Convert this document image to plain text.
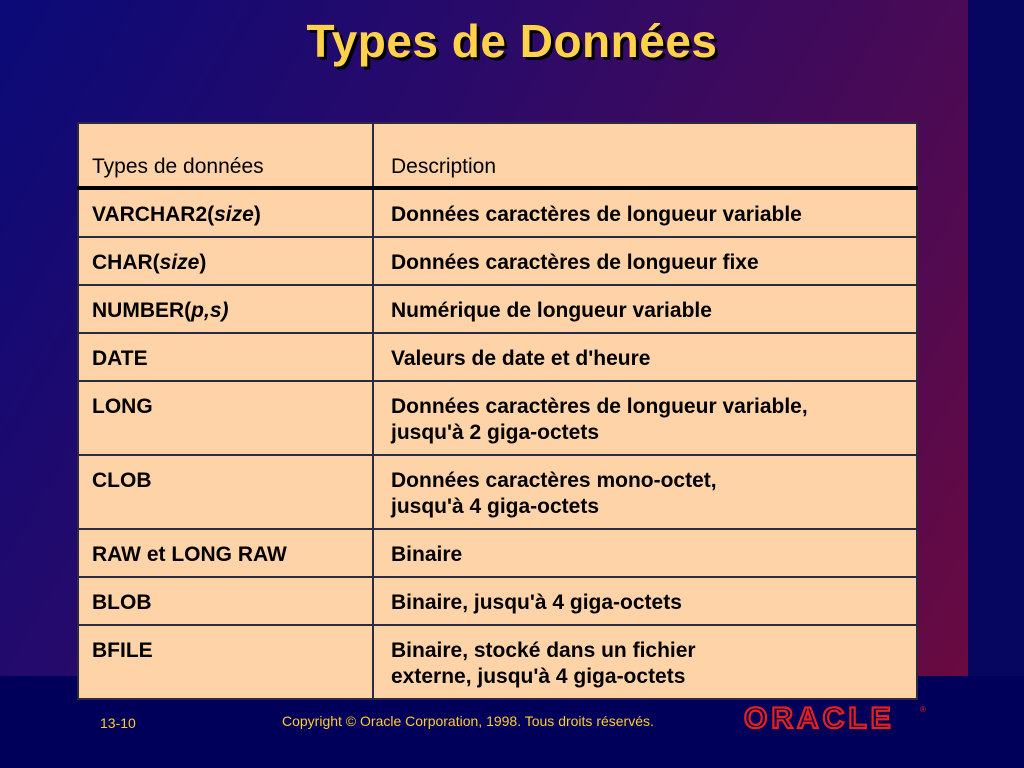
Types de Données
Types de données	Description
VARCHAR2(size)	Données caractères de longueur variable
CHAR(size)	Données caractères de longueur fixe
NUMBER(p,s)	Numérique de longueur variable
DATE	Valeurs de date et d'heure
LONG	Données caractères de longueur variable,
jusqu'à 2 giga-octets
CLOB	Données caractères mono-octet,
jusqu'à 4 giga-octets
RAW et LONG RAW	Binaire
BLOB	Binaire, jusqu'à 4 giga-octets
BFILE	Binaire, stocké dans un fichier
externe, jusqu'à 4 giga-octets
13-10	Copyright © Oracle Corporation, 1998. Tous droits réservés.	ORACLE	®
